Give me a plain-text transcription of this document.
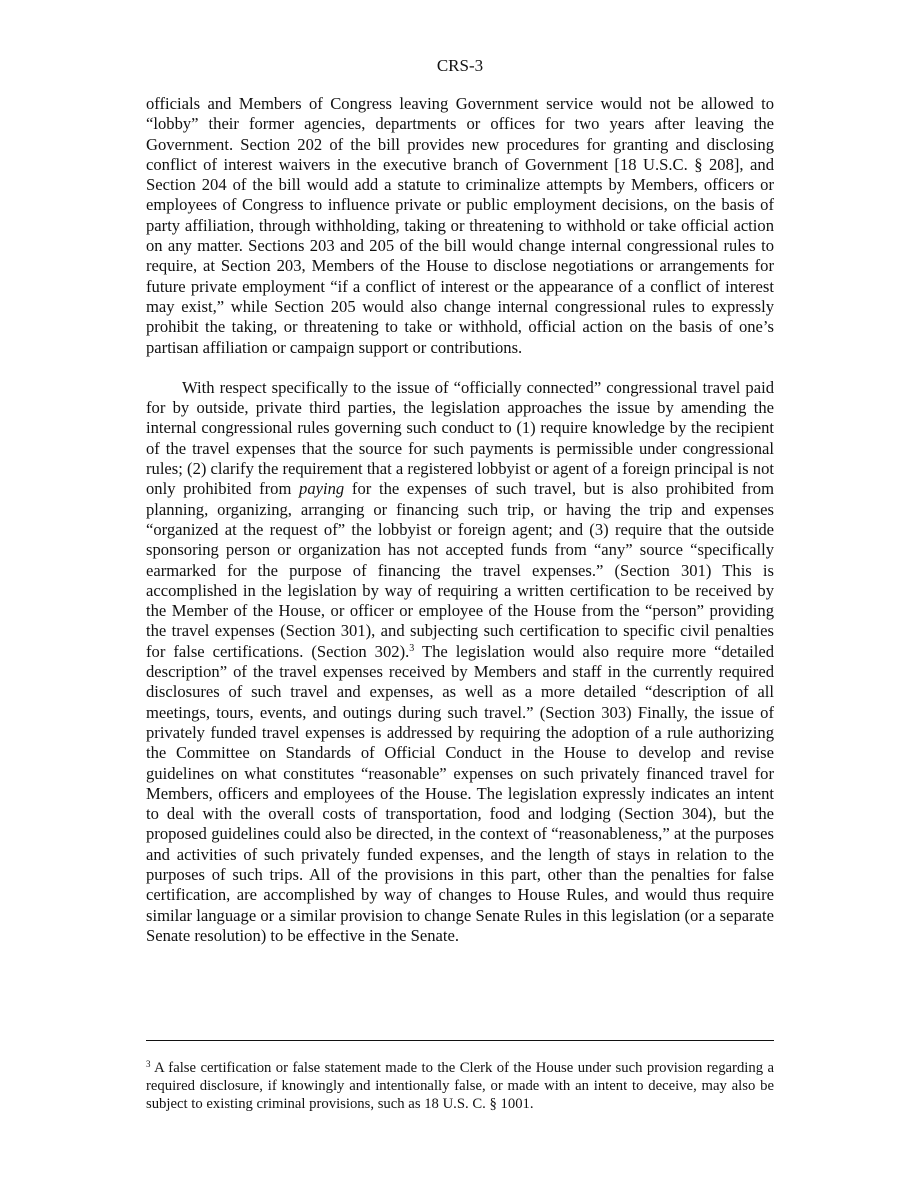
CRS-3

officials and Members of Congress leaving Government service would not be allowed to “lobby” their former agencies, departments or offices for two years after leaving the Government. Section 202 of the bill provides new procedures for granting and disclosing conflict of interest waivers in the executive branch of Government [18 U.S.C. § 208], and Section 204 of the bill would add a statute to criminalize attempts by Members, officers or employees of Congress to influence private or public employment decisions, on the basis of party affiliation, through withholding, taking or threatening to withhold or take official action on any matter. Sections 203 and 205 of the bill would change internal congressional rules to require, at Section 203, Members of the House to disclose negotiations or arrangements for future private employment “if a conflict of interest or the appearance of a conflict of interest may exist,” while Section 205 would also change internal congressional rules to expressly prohibit the taking, or threatening to take or withhold, official action on the basis of one’s partisan affiliation or campaign support or contributions.

With respect specifically to the issue of “officially connected” congressional travel paid for by outside, private third parties, the legislation approaches the issue by amending the internal congressional rules governing such conduct to (1) require knowledge by the recipient of the travel expenses that the source for such payments is permissible under congressional rules; (2) clarify the requirement that a registered lobbyist or agent of a foreign principal is not only prohibited from paying for the expenses of such travel, but is also prohibited from planning, organizing, arranging or financing such trip, or having the trip and expenses “organized at the request of” the lobbyist or foreign agent; and (3) require that the outside sponsoring person or organization has not accepted funds from “any” source “specifically earmarked for the purpose of financing the travel expenses.” (Section 301) This is accomplished in the legislation by way of requiring a written certification to be received by the Member of the House, or officer or employee of the House from the “person” providing the travel expenses (Section 301), and subjecting such certification to specific civil penalties for false certifications. (Section 302).$^3$ The legislation would also require more “detailed description” of the travel expenses received by Members and staff in the currently required disclosures of such travel and expenses, as well as a more detailed “description of all meetings, tours, events, and outings during such travel.” (Section 303) Finally, the issue of privately funded travel expenses is addressed by requiring the adoption of a rule authorizing the Committee on Standards of Official Conduct in the House to develop and revise guidelines on what constitutes “reasonable” expenses on such privately financed travel for Members, officers and employees of the House. The legislation expressly indicates an intent to deal with the overall costs of transportation, food and lodging (Section 304), but the proposed guidelines could also be directed, in the context of “reasonableness,” at the purposes and activities of such privately funded expenses, and the length of stays in relation to the purposes of such trips. All of the provisions in this part, other than the penalties for false certification, are accomplished by way of changes to House Rules, and would thus require similar language or a similar provision to change Senate Rules in this legislation (or a separate Senate resolution) to be effective in the Senate.

$^3$ A false certification or false statement made to the Clerk of the House under such provision regarding a required disclosure, if knowingly and intentionally false, or made with an intent to deceive, may also be subject to existing criminal provisions, such as 18 U.S. C. § 1001.
